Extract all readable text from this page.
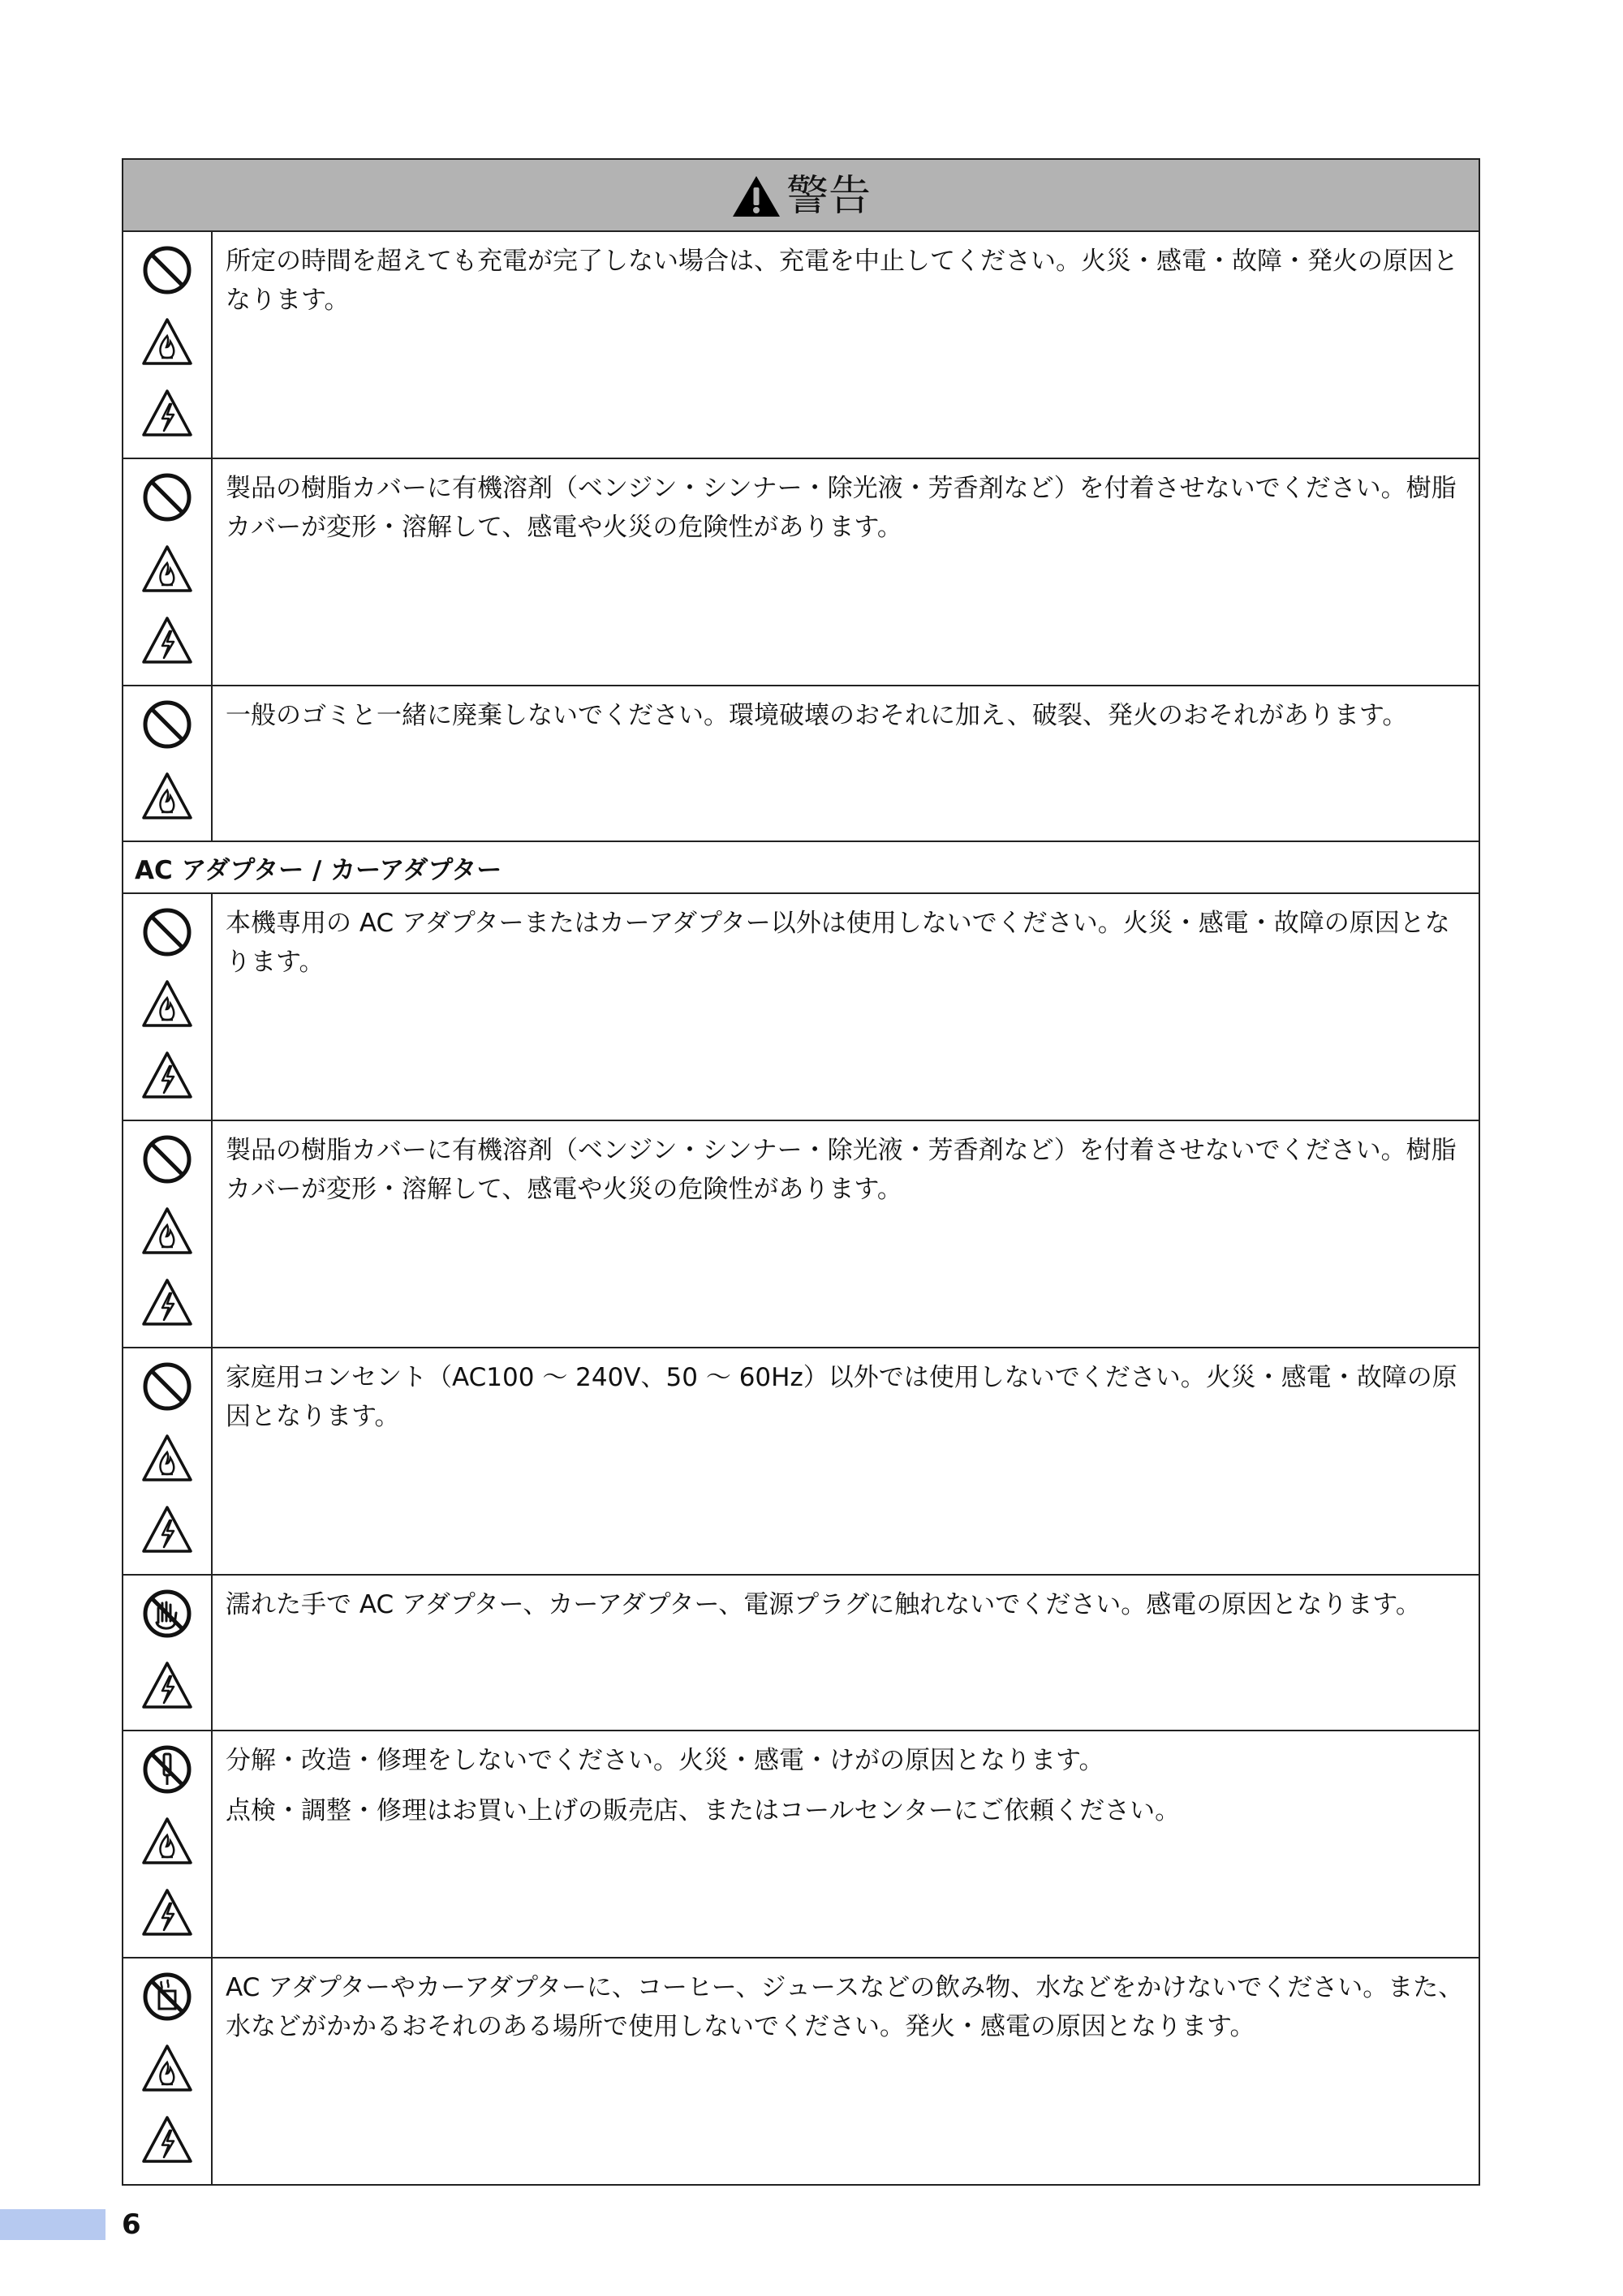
警告	

所定の時間を超えても充電が完了しない場合は、充電を中止してください。火災・感電・故障・発火の原因となります。

製品の樹脂カバーに有機溶剤（ベンジン・シンナー・除光液・芳香剤など）を付着させないでください。樹脂カバーが変形・溶解して、感電や火災の危険性があります。

一般のゴミと一緒に廃棄しないでください。環境破壊のおそれに加え、破裂、発火のおそれがあります。

AC アダプター / カーアダプター	

本機専用の AC アダプターまたはカーアダプター以外は使用しないでください。火災・感電・故障の原因となります。

製品の樹脂カバーに有機溶剤（ベンジン・シンナー・除光液・芳香剤など）を付着させないでください。樹脂カバーが変形・溶解して、感電や火災の危険性があります。

家庭用コンセント（AC100 ～ 240V、50 ～ 60Hz）以外では使用しないでください。火災・感電・故障の原因となります。

濡れた手で AC アダプター、カーアダプター、電源プラグに触れないでください。感電の原因となります。

分解・改造・修理をしないでください。火災・感電・けがの原因となります。

点検・調整・修理はお買い上げの販売店、またはコールセンターにご依頼ください。

AC アダプターやカーアダプターに、コーヒー、ジュースなどの飲み物、水などをかけないでください。また、水などがかかるおそれのある場所で使用しないでください。発火・感電の原因となります。

6
